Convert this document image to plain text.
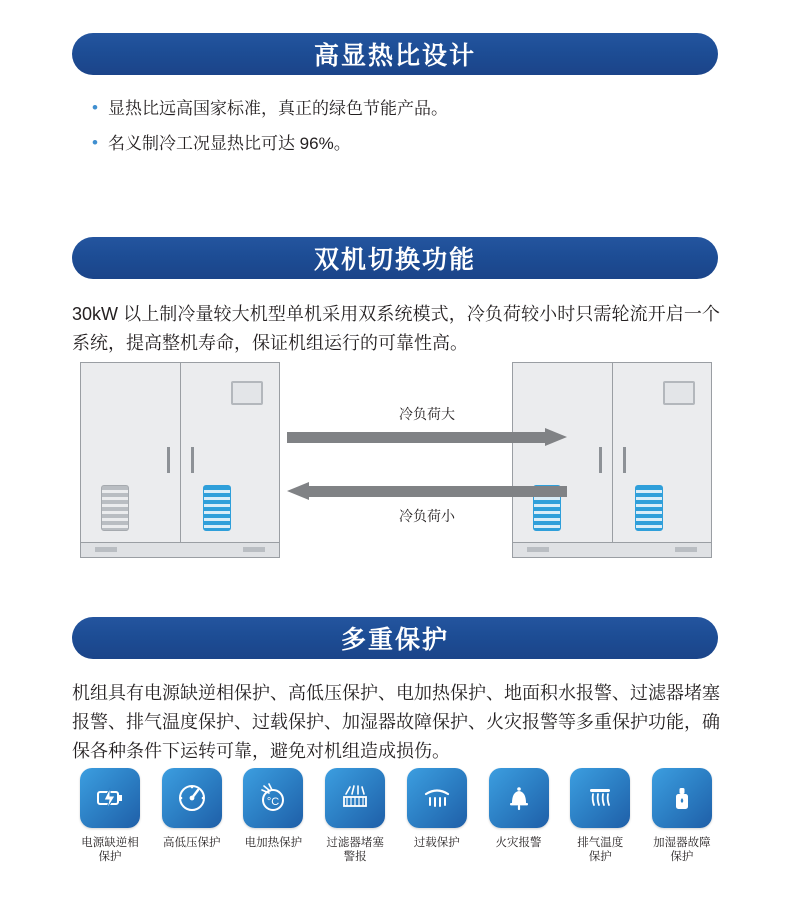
高显热比设计
• 显热比远高国家标准，真正的绿色节能产品。
• 名义制冷工况显热比可达 96%。
双机切换功能
30kW 以上制冷量较大机型单机采用双系统模式，冷负荷较小时只需轮流开启一个系统，提高整机寿命，保证机组运行的可靠性高。
冷负荷大
冷负荷小
多重保护
机组具有电源缺逆相保护、高低压保护、电加热保护、地面积水报警、过滤器堵塞报警、排气温度保护、过载保护、加湿器故障保护、火灾报警等多重保护功能，确保各种条件下运转可靠，避免对机组造成损伤。
电源缺逆相
保护
高低压保护
°C
电加热保护	过滤器堵塞
警报
过载保护	火灾报警	排气温度
保护
加湿器故障
保护
